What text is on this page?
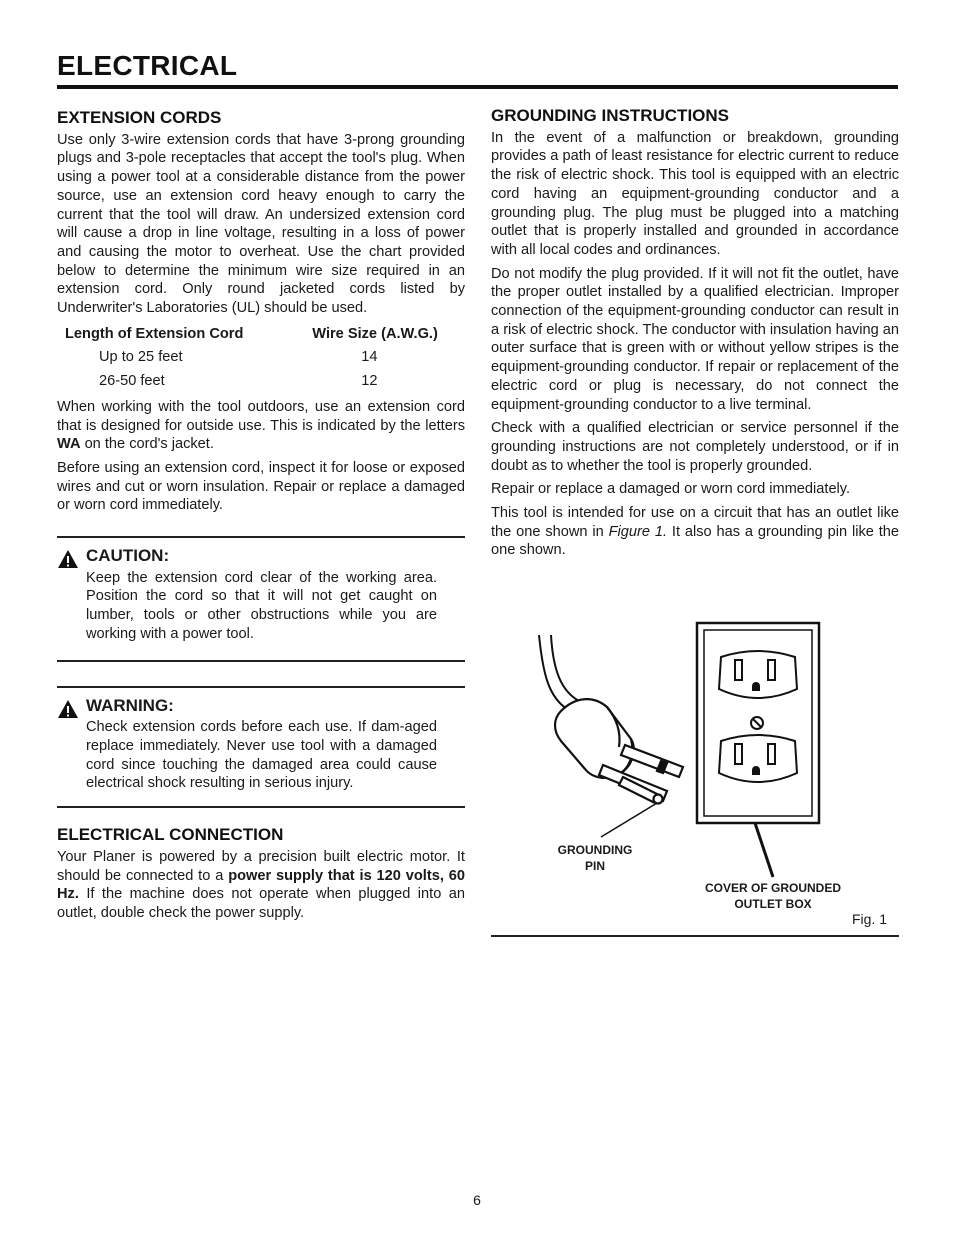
ELECTRICAL
EXTENSION CORDS

Use only 3-wire extension cords that have 3-prong grounding plugs and 3-pole receptacles that accept the tool's plug. When using a power tool at a considerable distance from the power source, use an extension cord heavy enough to carry the current that the tool will draw. An undersized extension cord will cause a drop in line voltage, resulting in a loss of power and causing the motor to overheat. Use the chart provided below to determine the minimum wire size required in an extension cord. Only round jacketed cords listed by Underwriter's Laboratories (UL) should be used.

Length of Extension Cord	Wire Size (A.W.G.)
Up to 25 feet	14
26-50 feet	12

When working with the tool outdoors, use an extension cord that is designed for outside use. This is indicated by the letters WA on the cord's jacket.

Before using an extension cord, inspect it for loose or exposed wires and cut or worn insulation. Repair or replace a damaged or worn cord immediately.

CAUTION:

Keep the extension cord clear of the working area. Position the cord so that it will not get caught on lumber, tools or other obstructions while you are working with a power tool.

WARNING:

Check extension cords before each use. If dam-aged replace immediately. Never use tool with a damaged cord since touching the damaged area could cause electrical shock resulting in serious injury.

ELECTRICAL CONNECTION

Your Planer is powered by a precision built electric motor. It should be connected to a power supply that is 120 volts, 60 Hz. If the machine does not operate when plugged into an outlet, double check the power supply.

GROUNDING INSTRUCTIONS

In the event of a malfunction or breakdown, grounding provides a path of least resistance for electric current to reduce the risk of electric shock. This tool is equipped with an electric cord having an equipment-grounding conductor and a grounding plug. The plug must be plugged into a matching outlet that is properly installed and grounded in accordance with all local codes and ordinances.

Do not modify the plug provided. If it will not fit the outlet, have the proper outlet installed by a qualified electrician. Improper connection of the equipment-grounding conductor can result in a risk of electric shock. The conductor with insulation having an outer surface that is green with or without yellow stripes is the equipment-grounding conductor. If repair or replacement of the electric cord or plug is necessary, do not connect the equipment-grounding conductor to a live terminal.

Check with a qualified electrician or service personnel if the grounding instructions are not completely understood, or if in doubt as to whether the tool is properly grounded.

Repair or replace a damaged or worn cord immediately.

This tool is intended for use on a circuit that has an outlet like the one shown in Figure 1. It also has a grounding pin like the one shown.

GROUNDING
PIN
COVER OF GROUNDED
OUTLET BOX
Fig. 1
6
